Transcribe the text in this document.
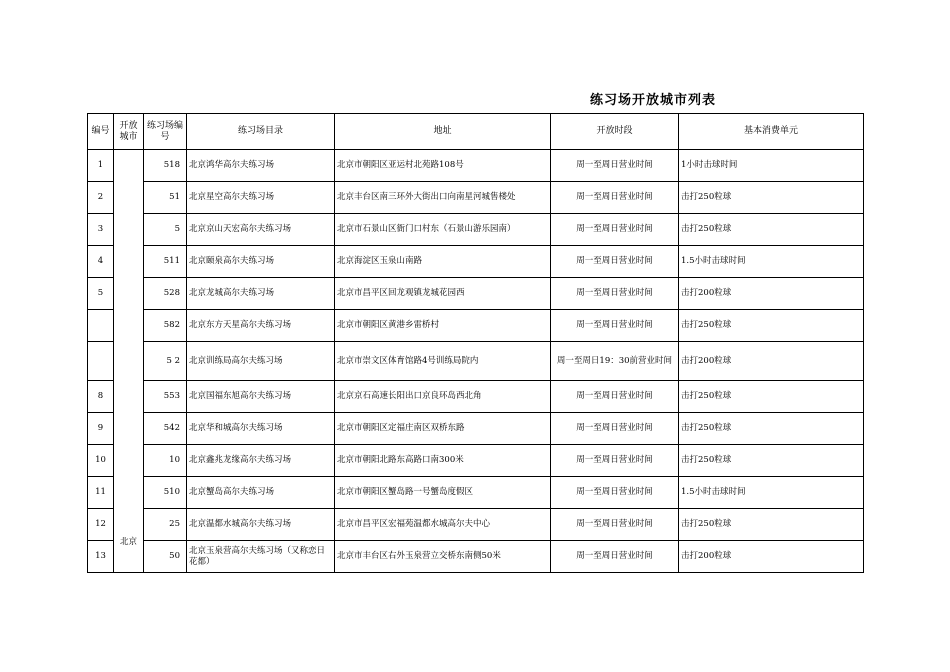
练习场开放城市列表
编号	开放城市	练习场编号	练习场目录	地址	开放时段	基本消费单元
1	北京	518	北京鸿华高尔夫练习场	北京市朝阳区亚运村北苑路108号	周一至周日营业时间	1小时击球时间
2		51	北京星空高尔夫练习场	北京丰台区南三环外大街出口向南星河城售楼处	周一至周日营业时间	击打250粒球
3		5	北京京山天宏高尔夫练习场	北京市石景山区衙门口村东（石景山游乐园南）	周一至周日营业时间	击打250粒球
4		511	北京颐泉高尔夫练习场	北京海淀区玉泉山南路	周一至周日营业时间	1.5小时击球时间
5		528	北京龙城高尔夫练习场	北京市昌平区回龙观镇龙城花园西	周一至周日营业时间	击打200粒球
		582	北京东方天星高尔夫练习场	北京市朝阳区黄港乡雷桥村	周一至周日营业时间	击打250粒球
		5 2	北京训练局高尔夫练习场	北京市崇文区体育馆路4号训练局院内	周一至周日19：30前营业时间	击打200粒球
8		553	北京国福东旭高尔夫练习场	北京京石高速长阳出口京良环岛西北角	周一至周日营业时间	击打250粒球
9		542	北京华和城高尔夫练习场	北京市朝阳区定福庄南区双桥东路	周一至周日营业时间	击打250粒球
10		10	北京鑫兆龙缘高尔夫练习场	北京市朝阳北路东高路口南300米	周一至周日营业时间	击打250粒球
11		510	北京蟹岛高尔夫练习场	北京市朝阳区蟹岛路一号蟹岛度假区	周一至周日营业时间	1.5小时击球时间
12		25	北京温都水城高尔夫练习场	北京市昌平区宏福苑温都水城高尔夫中心	周一至周日营业时间	击打250粒球
13		50	北京玉泉营高尔夫练习场（又称恋日花都）	北京市丰台区右外玉泉营立交桥东南侧50米	周一至周日营业时间	击打200粒球
